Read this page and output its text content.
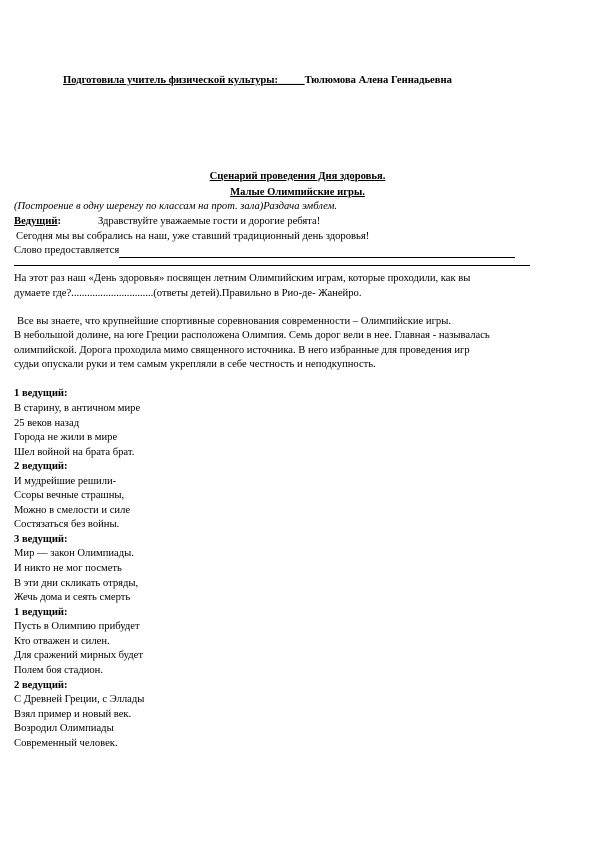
Подготовила учитель физической культуры:_____Тюлюмова Алена Геннадьевна
Сценарий проведения Дня здоровья.
Малые Олимпийские игры.
(Построение в одну шеренгу по классам на прот. зала)Раздача эмблем.
Ведущий:	Здравствуйте уважаемые гости и дорогие ребята!
Сегодня мы вы собрались на наш, уже ставший традиционный день здоровья!
Слово предоставляется
На этот раз наш «День здоровья» посвящен летним Олимпийским играм, которые проходили, как вы
думаете где?...............................(ответы детей).Правильно в Рио-де- Жанейро.
Все вы знаете, что крупнейшие спортивные соревнования современности – Олимпийские игры.
В небольшой долине, на юге Греции расположена Олимпия. Семь дорог вели в нее. Главная - называлась
олимпийской. Дорога проходила мимо священного источника. В него избранные для проведения игр
судьи опускали руки и тем самым укрепляли в себе честность и неподкупность.
1 ведущий:
В старину, в античном мире
25 веков назад
Города не жили в мире
Шел войной на брата брат.
2 ведущий:
И мудрейшие решили-
Ссоры вечные страшны,
Можно в смелости и силе
Состязаться без войны.
3 ведущий:
Мир — закон Олимпиады.
И никто не мог посметь
В эти дни скликать отряды,
Жечь дома и сеять смерть
1 ведущий:
Пусть в Олимпию прибудет
Кто отважен и силен.
Для сражений мирных будет
Полем боя стадион.
2 ведущий:
С Древней Греции, с Эллады
Взял пример и новый век.
Возродил Олимпиады
Современный человек.
